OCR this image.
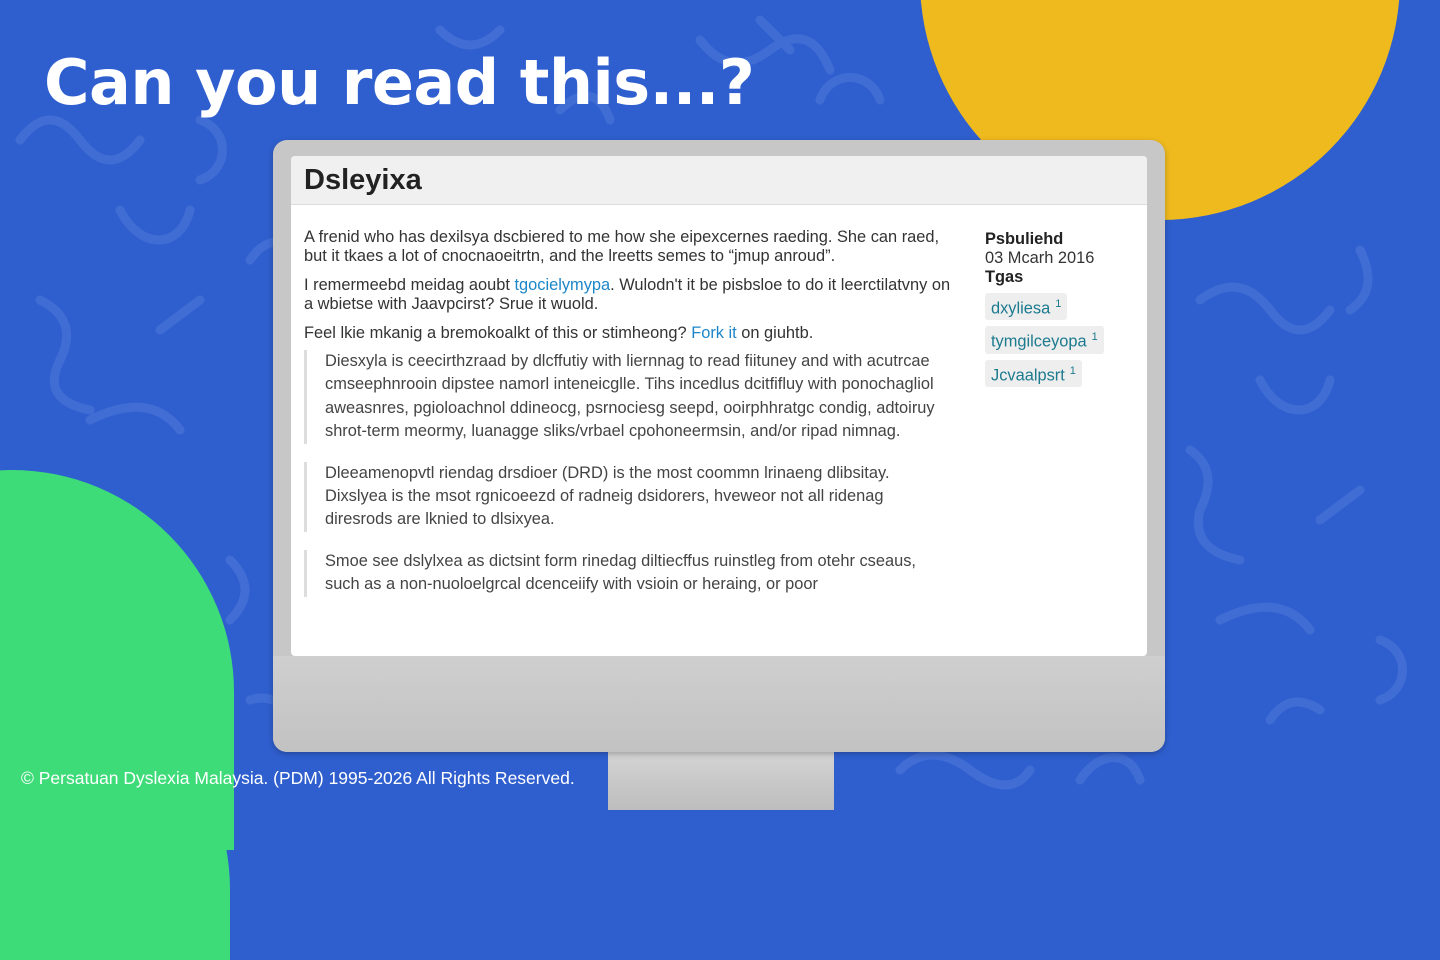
Can you read this...?
Dsleyixa

A frenid who has dexilsya dscbiered to me how she eipexcernes raeding. She can raed, but it tkaes a lot of cnocnaoeitrtn, and the lreetts semes to “jmup anroud”.

I remermeebd meidag aoubt tgocielymypa. Wulodn't it be pisbsloe to do it leerctilatvny on a wbietse with Jaavpcirst? Srue it wuold.

Feel lkie mkanig a bremokoalkt of this or stimheong? Fork it on giuhtb.

Diesxyla is ceecirthzraad by dlcffutiy with liernnag to read fiituney and with acutrcae cmseephnrooin dipstee namorl inteneicglle. Tihs incedlus dcitfifluy with ponochagliol aweasnres, pgioloachnol ddineocg, psrnociesg seepd, ooirphhratgc condig, adtoiruy shrot-term meormy, luanagge sliks/vrbael cpohoneermsin, and/or ripad nimnag.
Dleeamenopvtl riendag drsdioer (DRD) is the most coommn lrinaeng dlibsitay. Dixslyea is the msot rgnicoeezd of radneig dsidorers, hveweor not all ridenag diresrods are lknied to dlsixyea.
Smoe see dslylxea as dictsint form rinedag diltiecffus ruinstleg from otehr cseaus, such as a non-nuoloelgrcal dcenceiify with vsioin or heraing, or poor
Psbuliehd
03 Mcarh 2016
Tgas
dxyliesa $^1$
tymgilceyopa $^1$
Jcvaalpsrt $^1$
© Persatuan Dyslexia Malaysia. (PDM) 1995-2026 All Rights Reserved.
